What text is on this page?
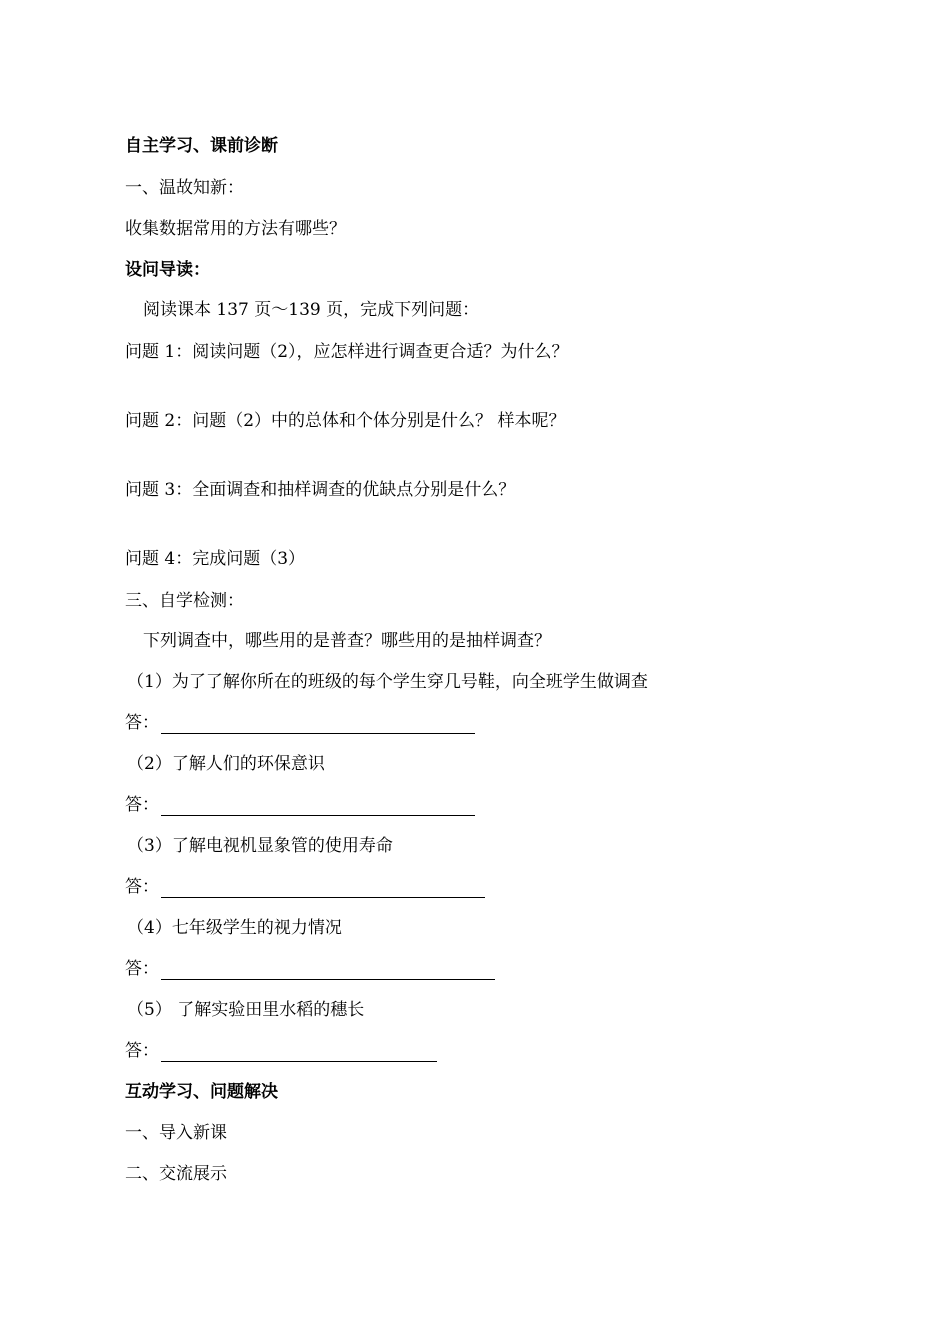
自主学习、课前诊断
一、温故知新：
收集数据常用的方法有哪些？
设问导读：
阅读课本 137 页～139 页，完成下列问题：
问题 1：阅读问题（2），应怎样进行调查更合适？为什么？
问题 2：问题（2）中的总体和个体分别是什么？ 样本呢？
问题 3：全面调查和抽样调查的优缺点分别是什么？
问题 4：完成问题（3）
三、自学检测：
下列调查中，哪些用的是普查？哪些用的是抽样调查？
（1）为了了解你所在的班级的每个学生穿几号鞋，向全班学生做调查
答：
（2）了解人们的环保意识
答：
（3）了解电视机显象管的使用寿命
答：
（4）七年级学生的视力情况
答：
（5） 了解实验田里水稻的穗长
答：
互动学习、问题解决
一、导入新课
二、交流展示
